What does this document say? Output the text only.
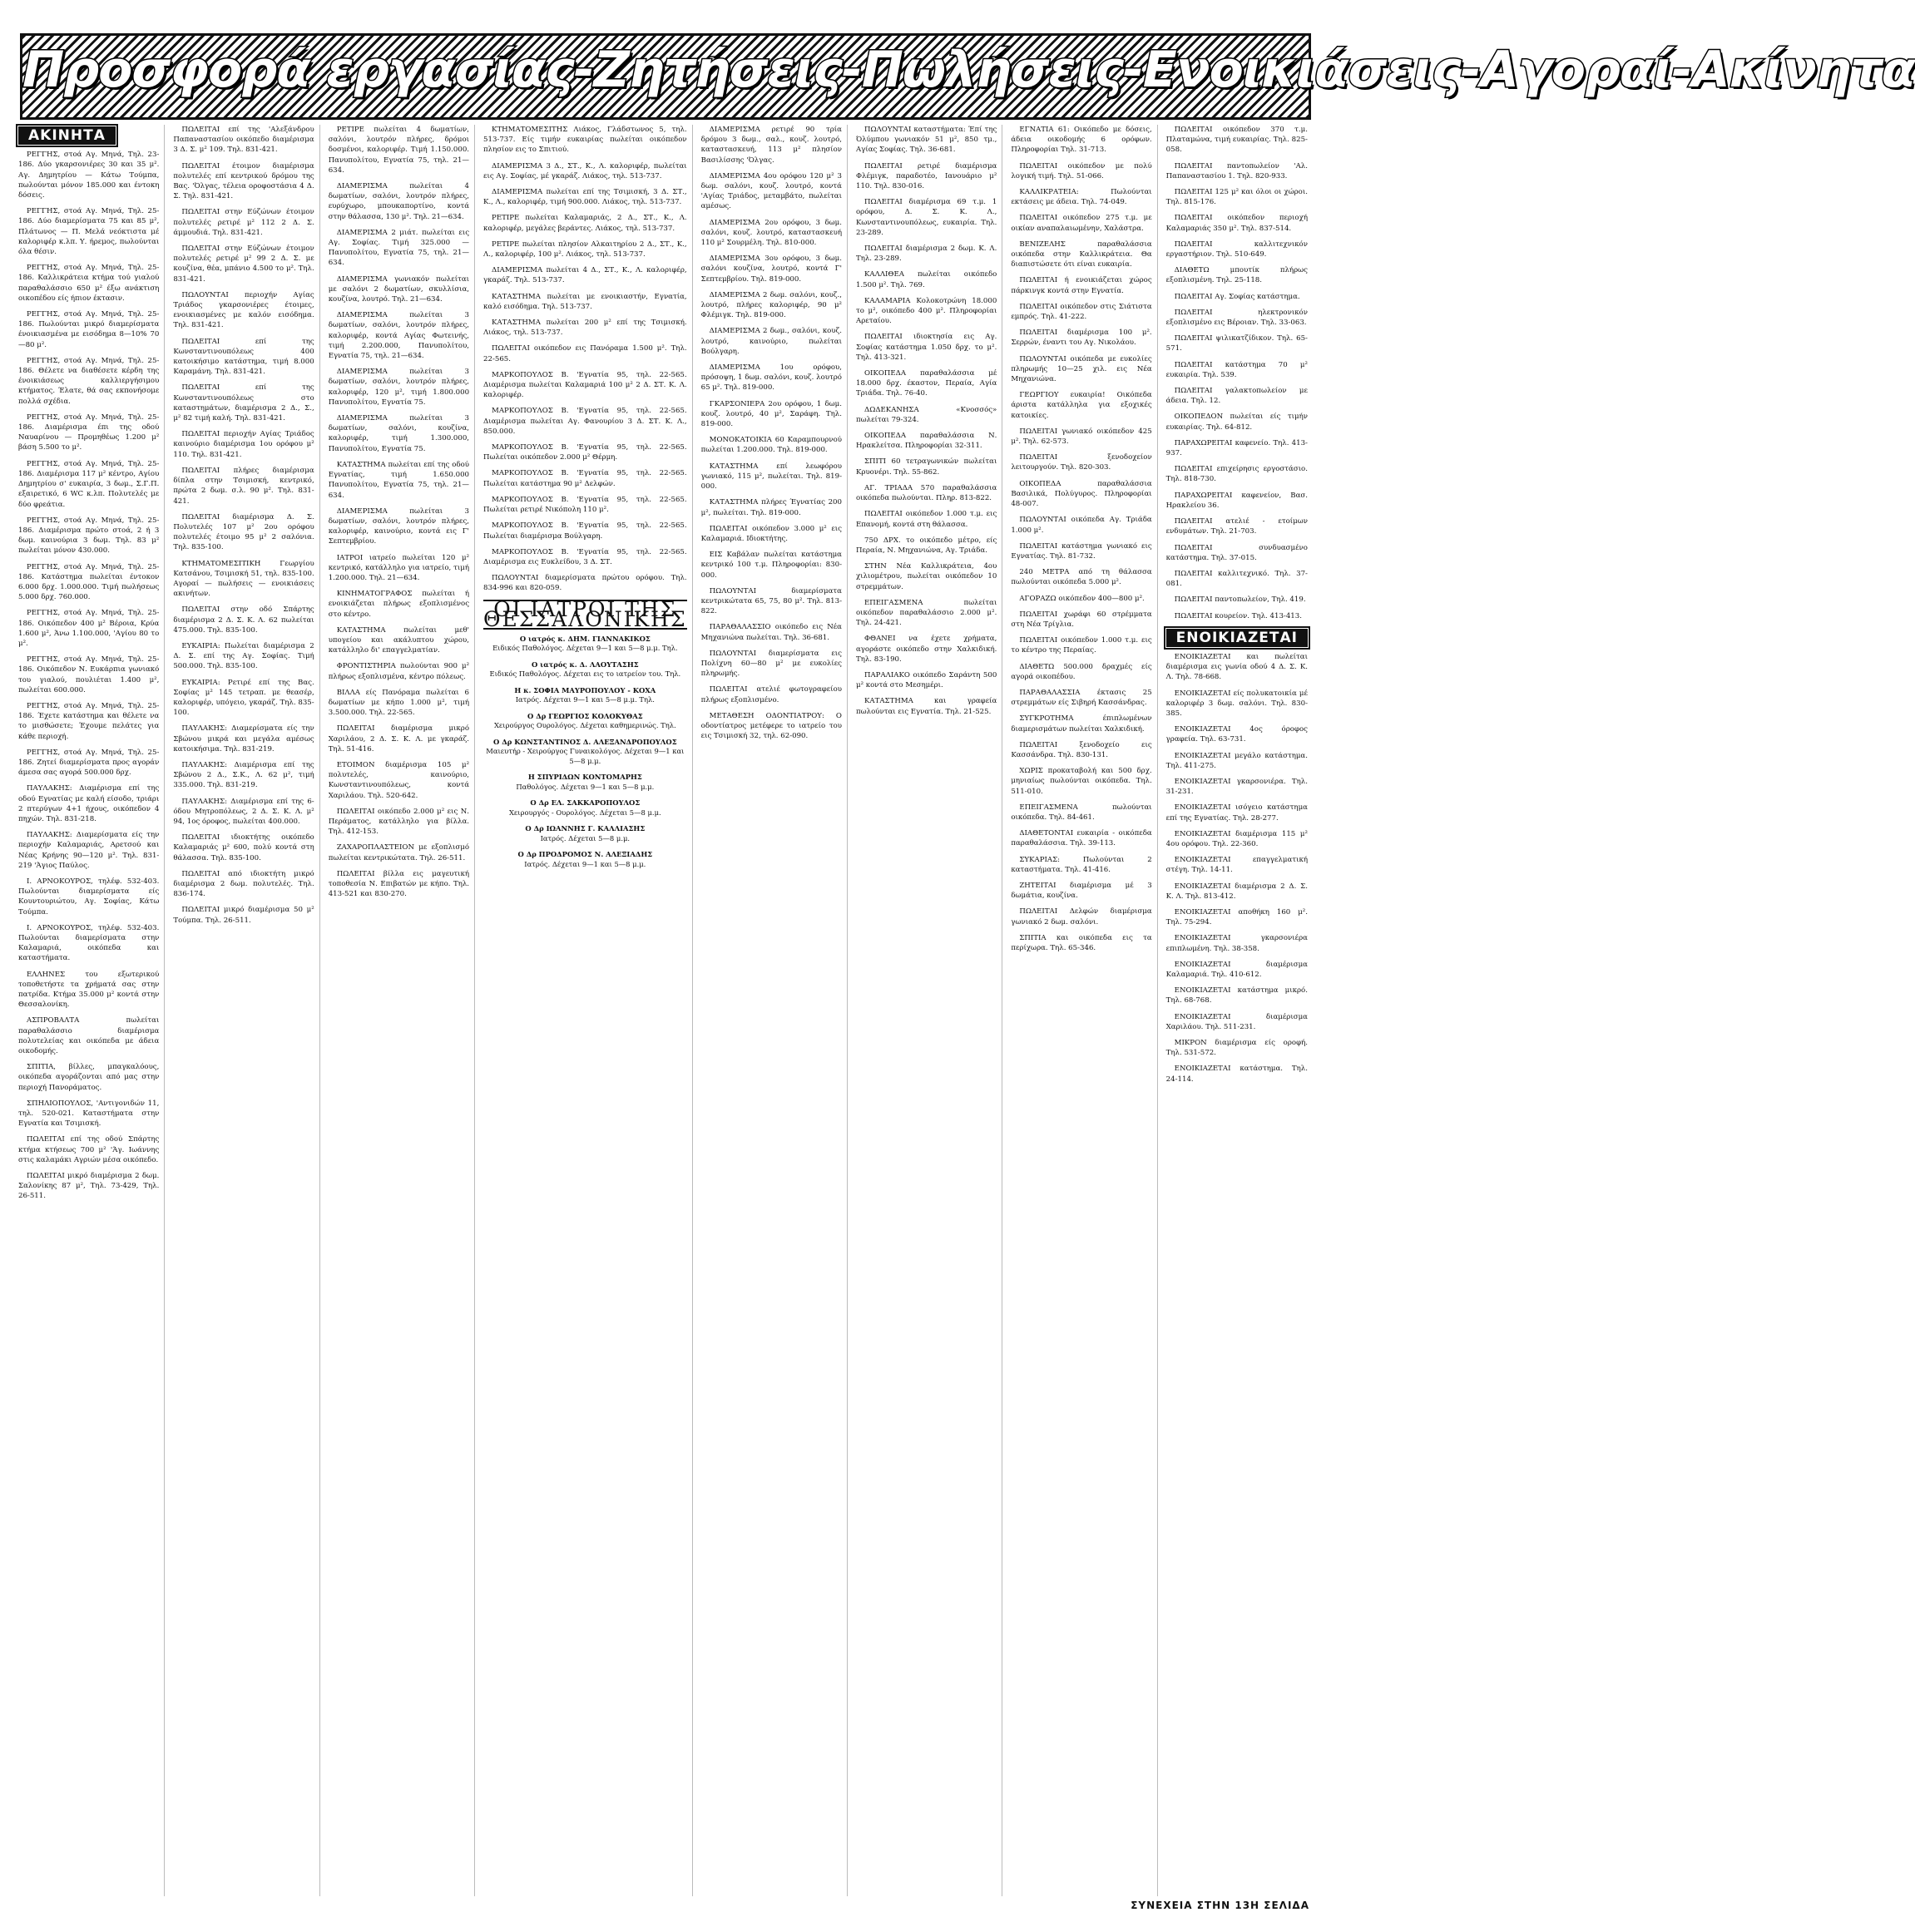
Προσφορά εργασίας-Ζητήσεις-Πωλήσεις-Ενοικιάσεις-Αγοραί-Ακίνητα
ΑΚΙΝΗΤΑ
ΡΕΓΓΗΣ, στοά Αγ. Μηνά, Τηλ. 23-186. Δύο γκαρσονιέρες 30 και 35 μ². Αγ. Δημητρίου — Κάτω Τούμπα, πωλούνται μόνον 185.000 και έντοκη δόσεις.
ΡΕΓΓΗΣ, στοά Αγ. Μηνά, Τηλ. 25-186. Δύο διαμερίσματα 75 και 85 μ², Πλάτωνος — Π. Μελά νεόκτιστα μέ καλοριφέρ κ.λπ. Υ. ήρεμος, πωλούνται όλα θέσιν.
ΡΕΓΓΗΣ, στοά Αγ. Μηνά, Τηλ. 25-186. Καλλικράτεια κτήμα τού γιαλού παραθαλάσσιο 650 μ² έξω ανάκτιση οικοπέδου είς ήπιον έκτασιν.
ΡΕΓΓΗΣ, στοά Αγ. Μηνά, Τηλ. 25-186. Πωλούνται μικρό διαμερίσματα ένοικιασμένα με εισόδημα 8—10% 70—80 μ².
ΡΕΓΓΗΣ, στοά Αγ. Μηνά, Τηλ. 25-186. Θέλετε να διαθέσετε κέρδη της ένοικιάσεως καλλιεργήσιμου κτήματος. Έλατε, θά σας εκπονήσομε πολλά σχέδια.
ΡΕΓΓΗΣ, στοά Αγ. Μηνά, Τηλ. 25-186. Διαμέρισμα έπι της οδού Ναυαρίνου — Προμηθέως 1.200 μ² βάση 5.500 το μ².
ΡΕΓΓΗΣ, στοά Αγ. Μηνά, Τηλ. 25-186. Διαμέρισμα 117 μ² κέντρο, Αγίου Δημητρίου σ' ευκαιρία, 3 δωμ., Σ.Γ.Π. εξαιρετικό, 6 WC κ.λπ. Πολυτελές με δύο φρεάτια.
ΡΕΓΓΗΣ, στοά Αγ. Μηνά, Τηλ. 25-186. Διαμέρισμα πρώτο στοά, 2 ή 3 δωμ. καινούρια 3 δωμ. Τηλ. 83 μ² πωλείται μόνον 430.000.
ΡΕΓΓΗΣ, στοά Αγ. Μηνά, Τηλ. 25-186. Κατάστημα πωλείται έντοκον 6.000 δρχ. 1.000.000. Τιμή πωλήσεως 5.000 δρχ. 760.000.
ΡΕΓΓΗΣ, στοά Αγ. Μηνά, Τηλ. 25-186. Οικόπεδον 400 μ² Βέροια, Κρύα 1.600 μ², Άνω 1.100.000, 'Αγίου 80 το μ².
ΡΕΓΓΗΣ, στοά Αγ. Μηνά, Τηλ. 25-186. Οικόπεδον Ν. Ευκάρπια γωνιακό του γιαλού, πουλιέται 1.400 μ², πωλείται 600.000.
ΡΕΓΓΗΣ, στοά Αγ. Μηνά, Τηλ. 25-186. Έχετε κατάστημα και θέλετε να το μισθώσετε; Έχουμε πελάτες για κάθε περιοχή.
ΡΕΓΓΗΣ, στοά Αγ. Μηνά, Τηλ. 25-186. Ζητεί διαμερίσματα προς αγοράν άμεσα σας αγορά 500.000 δρχ.
ΠΑΥΛΑΚΗΣ: Διαμέρισμα επί της οδού Εγνατίας με καλή είσοδο, τριάρι 2 πτερύγων 4+1 ήχους, οικόπεδον 4 πηχών. Τηλ. 831-218.
ΠΑΥΛΑΚΗΣ: Διαμερίσματα είς την περιοχήν Καλαμαριάς, Αρετσού και Νέας Κρήνης 90—120 μ². Τηλ. 831-219 'Άγιος Παύλος.
Ι. ΑΡΝΟΚΟΥΡΟΣ, τηλέφ. 532-403. Πωλούνται διαμερίσματα είς Κουντουριώτου, Αγ. Σοφίας, Κάτω Τούμπα.
Ι. ΑΡΝΟΚΟΥΡΟΣ, τηλέφ. 532-403. Πωλούνται διαμερίσματα στην Καλαμαριά, οικόπεδα και καταστήματα.
ΕΛΛΗΝΕΣ του εξωτερικού τοποθετήστε τα χρήματά σας στην πατρίδα. Κτήμα 35.000 μ² κοντά στην Θεσσαλονίκη.
ΑΣΠΡΟΒΑΛΤΑ πωλείται παραθαλάσσιο διαμέρισμα πολυτελείας και οικόπεδα με άδεια οικοδομής.
ΣΠΙΤΙΑ, βίλλες, μπαγκαλόους, οικόπεδα αγοράζονται από μας στην περιοχή Πανοράματος.
ΣΠΗΛΙΟΠΟΥΛΟΣ, 'Αντιγονιδών 11, τηλ. 520-021. Καταστήματα στην Εγνατία και Τσιμισκή.
ΠΩΛΕΙΤΑΙ επί της οδού Σπάρτης κτήμα κτήσεως 700 μ² 'Άγ. Ιωάννης στις καλαμάκι Αγριών μέσα οικόπεδο.
ΠΩΛΕΙΤΑΙ μικρό διαμέρισμα 2 δωμ. Σαλονίκης 87 μ², Τηλ. 73-429, Τηλ. 26-511.
ΠΩΛΕΙΤΑΙ επί της 'Αλεξάνδρου Παπαναστασίου οικόπεδο διαμέρισμα 3 Δ. Σ. μ² 109. Τηλ. 831-421.
ΠΩΛΕΙΤΑΙ έτοιμον διαμέρισμα πολυτελές επί κεντρικού δρόμου της Βας. 'Όλγας, τέλεια οροφοστάσια 4 Δ. Σ. Τηλ. 831-421.
ΠΩΛΕΙΤΑΙ στην Εύζώνων έτοιμον πολυτελές ρετιρέ μ² 112 2 Δ. Σ. άμμουδιά. Τηλ. 831-421.
ΠΩΛΕΙΤΑΙ στην Εύζώνων έτοιμον πολυτελές ρετιρέ μ² 99 2 Δ. Σ. με κουζίνα, θέα, μπάνιο 4.500 το μ². Τηλ. 831-421.
ΠΩΛΟΥΝΤΑΙ περιοχήν Αγίας Τριάδος γκαρσονιέρες έτοιμες, ενοικιασμένες με καλόν εισόδημα. Τηλ. 831-421.
ΠΩΛΕΙΤΑΙ επί της Κωνσταντινουπόλεως 400 κατοικήσιμο κατάστημα, τιμή 8.000 Καραμάνη. Τηλ. 831-421.
ΠΩΛΕΙΤΑΙ επί της Κωνσταντινουπόλεως στο καταστημάτων, διαμέρισμα 2 Δ., Σ., μ² 82 τιμή καλή. Τηλ. 831-421.
ΠΩΛΕΙΤΑΙ περιοχήν Αγίας Τριάδος καινούριο διαμέρισμα 1ου ορόφου μ² 110. Τηλ. 831-421.
ΠΩΛΕΙΤΑΙ πλήρες διαμέρισμα δίπλα στην Τσιμισκή, κεντρικό, πρώτα 2 δωμ. σ.λ. 90 μ². Τηλ. 831-421.
ΠΩΛΕΙΤΑΙ διαμέρισμα Δ. Σ. Πολυτελές 107 μ² 2ου ορόφου πολυτελές έτοιμο 95 μ² 2 σαλόνια. Τηλ. 835-100.
ΚΤΗΜΑΤΟΜΕΣΙΤΙΚΗ Γεωργίου Κατσάνου, Τσιμισκή 51, τηλ. 835-100. Αγοραί — πωλήσεις — ενοικιάσεις ακινήτων.
ΠΩΛΕΙΤΑΙ στην οδό Σπάρτης διαμέρισμα 2 Δ. Σ. Κ. Λ. 62 πωλείται 475.000. Τηλ. 835-100.
ΕΥΚΑΙΡΙΑ: Πωλείται διαμέρισμα 2 Δ. Σ. επί της Αγ. Σοφίας. Τιμή 500.000. Τηλ. 835-100.
ΕΥΚΑΙΡΙΑ: Ρετιρέ επί της Βας. Σοφίας μ² 145 τετραπ. με θεασέρ, καλοριφέρ, υπόγειο, γκαράζ. Τηλ. 835-100.
ΠΑΥΛΑΚΗΣ: Διαμερίσματα είς την Σβώνου μικρά και μεγάλα αμέσως κατοικήσιμα. Τηλ. 831-219.
ΠΑΥΛΑΚΗΣ: Διαμέρισμα επί της Σβώνου 2 Δ., Σ.Κ., Λ. 62 μ², τιμή 335.000. Τηλ. 831-219.
ΠΑΥΛΑΚΗΣ: Διαμέρισμα επί της 6-όδου Μητροπόλεως, 2 Δ. Σ. Κ. Λ. μ² 94, 1ος όροφος, πωλείται 400.000.
ΠΩΛΕΙΤΑΙ ιδιοκτήτης οικόπεδο Καλαμαριάς μ² 600, πολύ κοντά στη θάλασσα. Τηλ. 835-100.
ΠΩΛΕΙΤΑΙ από ιδιοκτήτη μικρό διαμέρισμα 2 δωμ. πολυτελές. Τηλ. 836-174.
ΠΩΛΕΙΤΑΙ μικρό διαμέρισμα 50 μ² Τούμπα. Τηλ. 26-511.
ΡΕΤΙΡΕ πωλείται 4 δωματίων, σαλόνι, λουτρόν πλήρες, δρόμοι δοσμένοι, καλοριφέρ. Τιμή 1.150.000. Πανυπολίτου, Εγνατία 75, τηλ. 21—634.
ΔΙΑΜΕΡΙΣΜΑ πωλείται 4 δωματίων, σαλόνι, λουτρόν πλήρες, ευρύχωρο, μπουκαπορτίνο, κοντά στην θάλασσα, 130 μ². Τηλ. 21—634.
ΔΙΑΜΕΡΙΣΜΑ 2 μιάτ. πωλείται εις Αγ. Σοφίας. Τιμή 325.000 — Πανυπολίτου, Εγνατία 75, τηλ. 21—634.
ΔΙΑΜΕΡΙΣΜΑ γωνιακόν πωλείται με σαλόνι 2 δωματίων, σκυλλίσια, κουζίνα, λουτρό. Τηλ. 21—634.
ΔΙΑΜΕΡΙΣΜΑ πωλείται 3 δωματίων, σαλόνι, λουτρόν πλήρες, καλοριφέρ, κοντά Αγίας Φωτεινής, τιμή 2.200.000, Πανυπολίτου, Εγνατία 75, τηλ. 21—634.
ΔΙΑΜΕΡΙΣΜΑ πωλείται 3 δωματίων, σαλόνι, λουτρόν πλήρες, καλοριφέρ, 120 μ², τιμή 1.800.000 Πανυπολίτου, Εγνατία 75.
ΔΙΑΜΕΡΙΣΜΑ πωλείται 3 δωματίων, σαλόνι, κουζίνα, καλοριφέρ, τιμή 1.300.000, Πανυπολίτου, Εγνατία 75.
ΚΑΤΑΣΤΗΜΑ πωλείται επί της οδού Εγνατίας, τιμή 1.650.000 Πανυπολίτου, Εγνατία 75, τηλ. 21—634.
ΔΙΑΜΕΡΙΣΜΑ πωλείται 3 δωματίων, σαλόνι, λουτρόν πλήρες, καλοριφέρ, καινούριο, κοντά εις Γ' Σεπτεμβρίου.
ΙΑΤΡΟΙ ιατρείο πωλείται 120 μ² κεντρικό, κατάλληλο για ιατρείο, τιμή 1.200.000. Τηλ. 21—634.
ΚΙΝΗΜΑΤΟΓΡΑΦΟΣ πωλείται ή ενοικιάζεται πλήρως εξοπλισμένος στο κέντρο.
ΚΑΤΑΣΤΗΜΑ πωλείται μεθ' υπογείου και ακάλυπτου χώρου, κατάλληλο δι' επαγγελματίαν.
ΦΡΟΝΤΙΣΤΗΡΙΑ πωλούνται 900 μ² πλήρως εξοπλισμένα, κέντρο πόλεως.
ΒΙΛΛΑ είς Πανόραμα πωλείται 6 δωματίων με κήπο 1.000 μ², τιμή 3.500.000. Τηλ. 22-565.
ΠΩΛΕΙΤΑΙ διαμέρισμα μικρό Χαριλάου, 2 Δ. Σ. Κ. Λ. με γκαράζ. Τηλ. 51-416.
ΕΤΟΙΜΟΝ διαμέρισμα 105 μ² πολυτελές, καινούριο, Κωνσταντινουπόλεως, κοντά Χαριλάου. Τηλ. 520-642.
ΠΩΛΕΙΤΑΙ οικόπεδο 2.000 μ² εις Ν. Περάματος, κατάλληλο για βίλλα. Τηλ. 412-153.
ΖΑΧΑΡΟΠΛΑΣΤΕΙΟΝ με εξοπλισμό πωλείται κεντρικώτατα. Τηλ. 26-511.
ΠΩΛΕΙΤΑΙ βίλλα εις μαγευτική τοποθεσία Ν. Επιβατών με κήπο. Τηλ. 413-521 και 830-270.
ΚΤΗΜΑΤΟΜΕΣΙΤΗΣ Λιάκος, Γλάδστωνος 5, τηλ. 513-737. Είς τιμήν ευκαιρίας πωλείται οικόπεδον πλησίον εις το Σπιτιού.
ΔΙΑΜΕΡΙΣΜΑ 3 Δ., ΣΤ., Κ., Λ. καλοριφέρ, πωλείται εις Αγ. Σοφίας, μέ γκαράζ. Λιάκος, τηλ. 513-737.
ΔΙΑΜΕΡΙΣΜΑ πωλείται επί της Τσιμισκή, 3 Δ. ΣΤ., Κ., Λ., καλοριφέρ, τιμή 900.000. Λιάκος, τηλ. 513-737.
ΡΕΤΙΡΕ πωλείται Καλαμαριάς, 2 Δ., ΣΤ., Κ., Λ. καλοριφέρ, μεγάλες βεράντες. Λιάκος, τηλ. 513-737.
ΡΕΤΙΡΕ πωλείται πλησίον Αλκαιτηρίου 2 Δ., ΣΤ., Κ., Λ., καλοριφέρ, 100 μ². Λιάκος, τηλ. 513-737.
ΔΙΑΜΕΡΙΣΜΑ πωλείται 4 Δ., ΣΤ., Κ., Λ. καλοριφέρ, γκαράζ. Τηλ. 513-737.
ΚΑΤΑΣΤΗΜΑ πωλείται με ενοικιαστήν, Εγνατία, καλό εισόδημα. Τηλ. 513-737.
ΚΑΤΑΣΤΗΜΑ πωλείται 200 μ² επί της Τσιμισκή. Λιάκος, τηλ. 513-737.
ΠΩΛΕΙΤΑΙ οικόπεδον εις Πανόραμα 1.500 μ². Τηλ. 22-565.
ΜΑΡΚΟΠΟΥΛΟΣ Β. 'Εγνατία 95, τηλ. 22-565. Διαμέρισμα πωλείται Καλαμαριά 100 μ² 2 Δ. ΣΤ. Κ. Λ. καλοριφέρ.
ΜΑΡΚΟΠΟΥΛΟΣ Β. 'Εγνατία 95, τηλ. 22-565. Διαμέρισμα πωλείται Αγ. Φανουρίου 3 Δ. ΣΤ. Κ. Λ., 850.000.
ΜΑΡΚΟΠΟΥΛΟΣ Β. 'Εγνατία 95, τηλ. 22-565. Πωλείται οικόπεδον 2.000 μ² Θέρμη.
ΜΑΡΚΟΠΟΥΛΟΣ Β. 'Εγνατία 95, τηλ. 22-565. Πωλείται κατάστημα 90 μ² Δελφών.
ΜΑΡΚΟΠΟΥΛΟΣ Β. 'Εγνατία 95, τηλ. 22-565. Πωλείται ρετιρέ Νικόπολη 110 μ².
ΜΑΡΚΟΠΟΥΛΟΣ Β. 'Εγνατία 95, τηλ. 22-565. Πωλείται διαμέρισμα Βούλγαρη.
ΜΑΡΚΟΠΟΥΛΟΣ Β. 'Εγνατία 95, τηλ. 22-565. Διαμέρισμα εις Ευκλείδου, 3 Δ. ΣΤ.
ΠΩΛΟΥΝΤΑΙ διαμερίσματα πρώτου ορόφου. Τηλ. 834-996 και 820-059.
ΟΙ ΙΑΤΡΟΙ ΤΗΣ ΘΕΣΣΑΛΟΝΙΚΗΣ
Ο ιατρός κ. ΔΗΜ. ΓΙΑΝΝΑΚΙΚΟΣ
Ειδικός Παθολόγος. Δέχεται 9—1 και 5—8 μ.μ. Τηλ.
Ο ιατρός κ. Δ. ΛΑΟΥΤΑΣΗΣ
Ειδικός Παθολόγος. Δέχεται εις το ιατρείον του. Τηλ.
Η κ. ΣΟΦΙΑ ΜΑΥΡΟΠΟΥΛΟΥ - ΚΟΧΑ
Ιατρός. Δέχεται 9—1 και 5—8 μ.μ. Τηλ.
Ο Δρ ΓΕΩΡΓΙΟΣ ΚΟΛΟΚΥΘΑΣ
Χειρούργος Ουρολόγος. Δέχεται καθημερινώς. Τηλ.
Ο Δρ ΚΩΝΣΤΑΝΤΙΝΟΣ Δ. ΑΛΕΞΑΝΔΡΟΠΟΥΛΟΣ
Μαιευτήρ - Χειρούργος Γυναικολόγος. Δέχεται 9—1 και 5—8 μ.μ.
Η ΣΠΥΡΙΔΩΝ ΚΟΝΤΟΜΑΡΗΣ
Παθολόγος. Δέχεται 9—1 και 5—8 μ.μ.
Ο Δρ ΕΛ. ΣΑΚΚΑΡΟΠΟΥΛΟΣ
Χειρουργός - Ουρολόγος. Δέχεται 5—8 μ.μ.
Ο Δρ ΙΩΑΝΝΗΣ Γ. ΚΑΛΛΙΑΣΗΣ
Ιατρός. Δέχεται 5—8 μ.μ.
Ο Δρ ΠΡΟΔΡΟΜΟΣ Ν. ΑΛΕΞΙΑΔΗΣ
Ιατρός. Δέχεται 9—1 και 5—8 μ.μ.
ΔΙΑΜΕΡΙΣΜΑ ρετιρέ 90 τρία δρόμου 3 δωμ., σαλ., κουζ. λουτρό, καταστασκευή, 113 μ² πλησίον Βασιλίσσης 'Όλγας.
ΔΙΑΜΕΡΙΣΜΑ 4ου ορόφου 120 μ² 3 δωμ. σαλόνι, κουζ. λουτρό, κοντά 'Αγίας Τριάδος, μεταμβάτο, πωλείται αμέσως.
ΔΙΑΜΕΡΙΣΜΑ 2ου ορόφου, 3 δωμ. σαλόνι, κουζ. λουτρό, καταστασκευή 110 μ² Σουρμέλη. Τηλ. 810-000.
ΔΙΑΜΕΡΙΣΜΑ 3ου ορόφου, 3 δωμ. σαλόνι κουζίνα, λουτρό, κοντά Γ' Σεπτεμβρίου. Τηλ. 819-000.
ΔΙΑΜΕΡΙΣΜΑ 2 δωμ. σαλόνι, κουζ., λουτρό, πλήρες καλοριφέρ, 90 μ² Φλέμιγκ. Τηλ. 819-000.
ΔΙΑΜΕΡΙΣΜΑ 2 δωμ., σαλόνι, κουζ. λουτρό, καινούριο, πωλείται Βούλγαρη.
ΔΙΑΜΕΡΙΣΜΑ 1ου ορόφου, πρόσοψη, 1 δωμ. σαλόνι, κουζ. λουτρό 65 μ². Τηλ. 819-000.
ΓΚΑΡΣΟΝΙΕΡΑ 2ου ορόφου, 1 δωμ. κουζ. λουτρό, 40 μ², Σαράφη. Τηλ. 819-000.
ΜΟΝΟΚΑΤΟΙΚΙΑ 60 Καραμπουρνού πωλείται 1.200.000. Τηλ. 819-000.
ΚΑΤΑΣΤΗΜΑ επί λεωφόρου γωνιακό, 115 μ², πωλείται. Τηλ. 819-000.
ΚΑΤΑΣΤΗΜΑ πλήρες Έγνατίας 200 μ², πωλείται. Τηλ. 819-000.
ΠΩΛΕΙΤΑΙ οικόπεδον 3.000 μ² εις Καλαμαριά. Ιδιοκτήτης.
ΕΙΣ Καβάλαν πωλείται κατάστημα κεντρικό 100 τ.μ. Πληροφορίαι: 830-000.
ΠΩΛΟΥΝΤΑΙ διαμερίσματα κεντρικώτατα 65, 75, 80 μ². Τηλ. 813-822.
ΠΑΡΑΘΑΛΑΣΣΙΟ οικόπεδο εις Νέα Μηχανιώνα πωλείται. Τηλ. 36-681.
ΠΩΛΟΥΝΤΑΙ διαμερίσματα εις Πολίχνη 60—80 μ² με ευκολίες πληρωμής.
ΠΩΛΕΙΤΑΙ ατελιέ φωτογραφείου πλήρως εξοπλισμένο.
ΜΕΤΑΘΕΣΗ ΟΔΟΝΤΙΑΤΡΟΥ: Ο οδοντίατρος μετέφερε το ιατρείο του εις Τσιμισκή 32, τηλ. 62-090.
ΠΩΛΟΥΝΤΑΙ καταστήματα: Έπί της Όλύμπου γωνιακόν 51 μ², 850 τμ., Αγίας Σοφίας. Τηλ. 36-681.
ΠΩΛΕΙΤΑΙ ρετιρέ διαμέρισμα Φλέμιγκ, παραδοτέο, Ιανουάριο μ² 110. Τηλ. 830-016.
ΠΩΛΕΙΤΑΙ διαμέρισμα 69 τ.μ. 1 ορόφου, Δ. Σ. Κ. Λ., Κωνσταντινουπόλεως, ευκαιρία. Τηλ. 23-289.
ΠΩΛΕΙΤΑΙ διαμέρισμα 2 δωμ. Κ. Λ. Τηλ. 23-289.
ΚΑΛΛΙΘΕΑ πωλείται οικόπεδο 1.500 μ². Τηλ. 769.
ΚΑΛΑΜΑΡΙΑ Κολοκοτρώνη 18.000 το μ², οικόπεδο 400 μ². Πληροφορίαι Αρεταίου.
ΠΩΛΕΙΤΑΙ ιδιοκτησία εις Αγ. Σοφίας κατάστημα 1.050 δρχ. το μ². Τηλ. 413-321.
ΟΙΚΟΠΕΔΑ παραθαλάσσια μέ 18.000 δρχ. έκαστον, Περαία, Αγία Τριάδα. Τηλ. 76-40.
ΔΩΔΕΚΑΝΗΣΑ «Κνοσσός» πωλείται 79-324.
ΟΙΚΟΠΕΔΑ παραθαλάσσια Ν. Ηρακλείτσα. Πληροφορίαι 32-311.
ΣΠΙΤΙ 60 τετραγωνικών πωλείται Κρυονέρι. Τηλ. 55-862.
ΑΓ. ΤΡΙΑΔΑ 570 παραθαλάσσια οικόπεδα πωλούνται. Πληρ. 813-822.
ΠΩΛΕΙΤΑΙ οικόπεδον 1.000 τ.μ. εις Επανομή, κοντά στη θάλασσα.
750 ΔΡΧ. το οικόπεδο μέτρο, είς Περαία, Ν. Μηχανιώνα, Αγ. Τριάδα.
ΣΤΗΝ Νέα Καλλικράτεια, 4ου χιλιομέτρου, πωλείται οικόπεδον 10 στρεμμάτων.
ΕΠΕΙΓΑΣΜΕΝΑ πωλείται οικόπεδον παραθαλάσσιο 2.000 μ². Τηλ. 24-421.
ΦΘΑΝΕΙ να έχετε χρήματα, αγοράστε οικόπεδο στην Χαλκιδική. Τηλ. 83-190.
ΠΑΡΑΛΙΑΚΟ οικόπεδο Σαράντη 500 μ² κοντά στο Μεσημέρι.
ΚΑΤΑΣΤΗΜΑ και γραφεία πωλούνται εις Εγνατία. Τηλ. 21-525.
ΕΓΝΑΤΙΑ 61: Οικόπεδο με δόσεις, άδεια οικοδομής 6 ορόφων. Πληροφορίαι Τηλ. 31-713.
ΠΩΛΕΙΤΑΙ οικόπεδον με πολύ λογική τιμή. Τηλ. 51-066.
ΚΑΛΛΙΚΡΑΤΕΙΑ: Πωλούνται εκτάσεις με άδεια. Τηλ. 74-049.
ΠΩΛΕΙΤΑΙ οικόπεδον 275 τ.μ. με οικίαν αναπαλαιωμένην, Χαλάστρα.
ΒΕΝΙΖΕΛΗΣ παραθαλάσσια οικόπεδα στην Καλλικράτεια. Θα διαπιστώσετε ότι είναι ευκαιρία.
ΠΩΛΕΙΤΑΙ ή ενοικιάζεται χώρος πάρκινγκ κοντά στην Εγνατία.
ΠΩΛΕΙΤΑΙ οικόπεδον στις Σιάτιστα εμπρός. Τηλ. 41-222.
ΠΩΛΕΙΤΑΙ διαμέρισμα 100 μ². Σερρών, έναντι του Αγ. Νικολάου.
ΠΩΛΟΥΝΤΑΙ οικόπεδα με ευκολίες πληρωμής 10—25 χιλ. εις Νέα Μηχανιώνα.
ΓΕΩΡΓΙΟΥ ευκαιρία! Οικόπεδα άριστα κατάλληλα για εξοχικές κατοικίες.
ΠΩΛΕΙΤΑΙ γωνιακό οικόπεδον 425 μ². Τηλ. 62-573.
ΠΩΛΕΙΤΑΙ ξενοδοχείον λειτουργούν. Τηλ. 820-303.
ΟΙΚΟΠΕΔΑ παραθαλάσσια Βασιλικά, Πολύγυρος. Πληροφορίαι 48-007.
ΠΩΛΟΥΝΤΑΙ οικόπεδα Αγ. Τριάδα 1.000 μ².
ΠΩΛΕΙΤΑΙ κατάστημα γωνιακό εις Εγνατίας. Τηλ. 81-732.
240 ΜΕΤΡΑ από τη θάλασσα πωλούνται οικόπεδα 5.000 μ².
ΑΓΟΡΑΖΩ οικόπεδον 400—800 μ².
ΠΩΛΕΙΤΑΙ χωράφι 60 στρέμματα στη Νέα Τρίγλια.
ΠΩΛΕΙΤΑΙ οικόπεδον 1.000 τ.μ. εις το κέντρο της Περαίας.
ΔΙΑΘΕΤΩ 500.000 δραχμές είς αγορά οικοπέδου.
ΠΑΡΑΘΑΛΑΣΣΙΑ έκτασις 25 στρεμμάτων είς Σιβηρή Κασσάνδρας.
ΣΥΓΚΡΟΤΗΜΑ έπιπλωμένων διαμερισμάτων πωλείται Χαλκιδική.
ΠΩΛΕΙΤΑΙ ξενοδοχείο εις Κασσάνδρα. Τηλ. 830-131.
ΧΩΡΙΣ προκαταβολή και 500 δρχ. μηνιαίως πωλούνται οικόπεδα. Τηλ. 511-010.
ΕΠΕΙΓΑΣΜΕΝΑ πωλούνται οικόπεδα. Τηλ. 84-461.
ΔΙΑΘΕΤΟΝΤΑΙ ευκαιρία - οικόπεδα παραθαλάσσια. Τηλ. 39-113.
ΣΥΚΑΡΙΑΣ: Πωλούνται 2 καταστήματα. Τηλ. 41-416.
ΖΗΤΕΙΤΑΙ διαμέρισμα μέ 3 δωμάτια, κουζίνα.
ΠΩΛΕΙΤΑΙ Δελφών διαμέρισμα γωνιακό 2 δωμ. σαλόνι.
ΣΠΙΤΙΑ και οικόπεδα εις τα περίχωρα. Τηλ. 65-346.
ΠΩΛΕΙΤΑΙ οικόπεδον 370 τ.μ. Πλαταμώνα, τιμή ευκαιρίας. Τηλ. 825-058.
ΠΩΛΕΙΤΑΙ παντοπωλείον 'Αλ. Παπαναστασίου 1. Τηλ. 820-933.
ΠΩΛΕΙΤΑΙ 125 μ² και όλοι οι χώροι. Τηλ. 815-176.
ΠΩΛΕΙΤΑΙ οικόπεδον περιοχή Καλαμαριάς 350 μ². Τηλ. 837-514.
ΠΩΛΕΙΤΑΙ καλλιτεχνικόν εργαστήριον. Τηλ. 510-649.
ΔΙΑΘΕΤΩ μπουτίκ πλήρως εξοπλισμένη. Τηλ. 25-118.
ΠΩΛΕΙΤΑΙ Αγ. Σοφίας κατάστημα.
ΠΩΛΕΙΤΑΙ ηλεκτρονικόν εξοπλισμένο εις Βέροιαν. Τηλ. 33-063.
ΠΩΛΕΙΤΑΙ ψιλικατζίδικον. Τηλ. 65-571.
ΠΩΛΕΙΤΑΙ κατάστημα 70 μ² ευκαιρία. Τηλ. 539.
ΠΩΛΕΙΤΑΙ γαλακτοπωλείον με άδεια. Τηλ. 12.
ΟΙΚΟΠΕΔΟΝ πωλείται είς τιμήν ευκαιρίας. Τηλ. 64-812.
ΠΑΡΑΧΩΡΕΙΤΑΙ καφενείο. Τηλ. 413-937.
ΠΩΛΕΙΤΑΙ επιχείρησις εργοστάσιο. Τηλ. 818-730.
ΠΑΡΑΧΩΡΕΙΤΑΙ καφενείον, Βασ. Ηρακλείου 36.
ΠΩΛΕΙΤΑΙ ατελιέ - ετοίμων ενδυμάτων. Τηλ. 21-703.
ΠΩΛΕΙΤΑΙ συνδυασμένο κατάστημα. Τηλ. 37-015.
ΠΩΛΕΙΤΑΙ καλλιτεχνικό. Τηλ. 37-081.
ΠΩΛΕΙΤΑΙ παντοπωλείον, Τηλ. 419.
ΠΩΛΕΙΤΑΙ κουρείον. Τηλ. 413-413.
ΕΝΟΙΚΙΑΖΕΤΑΙ
ΕΝΟΙΚΙΑΖΕΤΑΙ και πωλείται διαμέρισμα εις γωνία οδού 4 Δ. Σ. Κ. Λ. Τηλ. 78-668.
ΕΝΟΙΚΙΑΖΕΤΑΙ είς πολυκατοικία μέ καλοριφέρ 3 δωμ. σαλόνι. Τηλ. 830-385.
ΕΝΟΙΚΙΑΖΕΤΑΙ 4ος όροφος γραφεία. Τηλ. 63-731.
ΕΝΟΙΚΙΑΖΕΤΑΙ μεγάλο κατάστημα. Τηλ. 411-275.
ΕΝΟΙΚΙΑΖΕΤΑΙ γκαρσονιέρα. Τηλ. 31-231.
ΕΝΟΙΚΙΑΖΕΤΑΙ ισόγειο κατάστημα επί της Εγνατίας. Τηλ. 28-277.
ΕΝΟΙΚΙΑΖΕΤΑΙ διαμέρισμα 115 μ² 4ου ορόφου. Τηλ. 22-360.
ΕΝΟΙΚΙΑΖΕΤΑΙ επαγγελματική στέγη. Τηλ. 14-11.
ΕΝΟΙΚΙΑΖΕΤΑΙ διαμέρισμα 2 Δ. Σ. Κ. Λ. Τηλ. 813-412.
ΕΝΟΙΚΙΑΖΕΤΑΙ αποθήκη 160 μ². Τηλ. 75-294.
ΕΝΟΙΚΙΑΖΕΤΑΙ γκαρσονιέρα επιπλωμένη. Τηλ. 38-358.
ΕΝΟΙΚΙΑΖΕΤΑΙ διαμέρισμα Καλαμαριά. Τηλ. 410-612.
ΕΝΟΙΚΙΑΖΕΤΑΙ κατάστημα μικρό. Τηλ. 68-768.
ΕΝΟΙΚΙΑΖΕΤΑΙ διαμέρισμα Χαριλάου. Τηλ. 511-231.
ΜΙΚΡΟΝ διαμέρισμα είς οροφή. Τηλ. 531-572.
ΕΝΟΙΚΙΑΖΕΤΑΙ κατάστημα. Τηλ. 24-114.
ΣΥΝΕΧΕΙΑ ΣΤΗΝ 13Η ΣΕΛΙΔΑ
